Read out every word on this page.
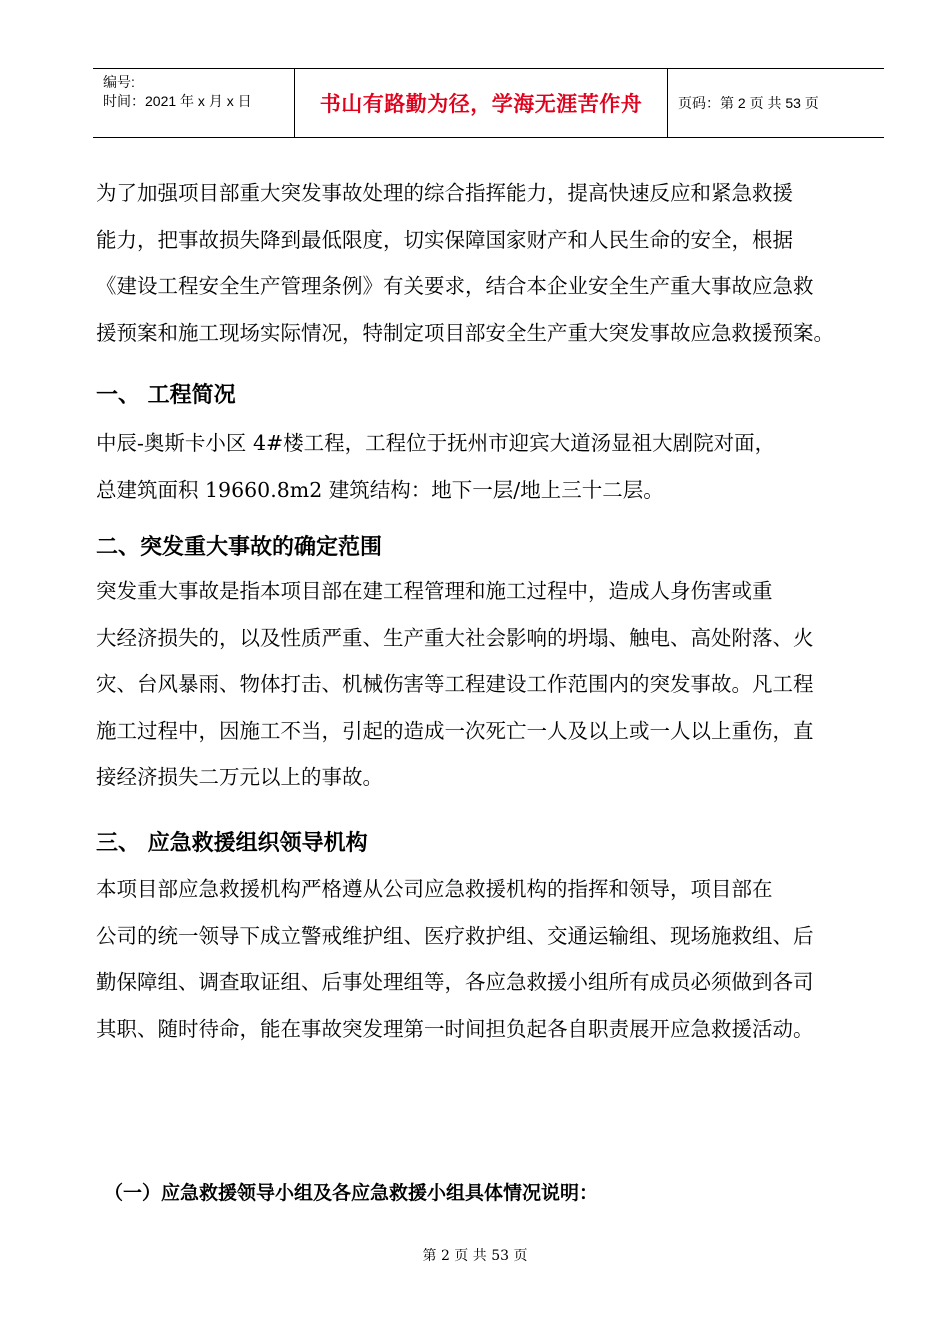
编号:
时间：2021 年 x 月 x 日	书山有路勤为径，学海无涯苦作舟	页码：第 2 页 共 53 页

为了加强项目部重大突发事故处理的综合指挥能力，提高快速反应和紧急救援

能力，把事故损失降到最低限度，切实保障国家财产和人民生命的安全，根据

《建设工程安全生产管理条例》有关要求，结合本企业安全生产重大事故应急救

援预案和施工现场实际情况，特制定项目部安全生产重大突发事故应急救援预案。

一、 工程简况

中辰-奥斯卡小区 4#楼工程，工程位于抚州市迎宾大道汤显祖大剧院对面，

总建筑面积 19660.8m2 建筑结构：地下一层/地上三十二层。

二、突发重大事故的确定范围

突发重大事故是指本项目部在建工程管理和施工过程中，造成人身伤害或重

大经济损失的，以及性质严重、生产重大社会影响的坍塌、触电、高处附落、火

灾、台风暴雨、物体打击、机械伤害等工程建设工作范围内的突发事故。凡工程

施工过程中，因施工不当，引起的造成一次死亡一人及以上或一人以上重伤，直

接经济损失二万元以上的事故。

三、 应急救援组织领导机构

本项目部应急救援机构严格遵从公司应急救援机构的指挥和领导，项目部在

公司的统一领导下成立警戒维护组、医疗救护组、交通运输组、现场施救组、后

勤保障组、调查取证组、后事处理组等，各应急救援小组所有成员必须做到各司

其职、随时待命，能在事故突发理第一时间担负起各自职责展开应急救援活动。

（一）应急救援领导小组及各应急救援小组具体情况说明：
第 2 页 共 53 页
